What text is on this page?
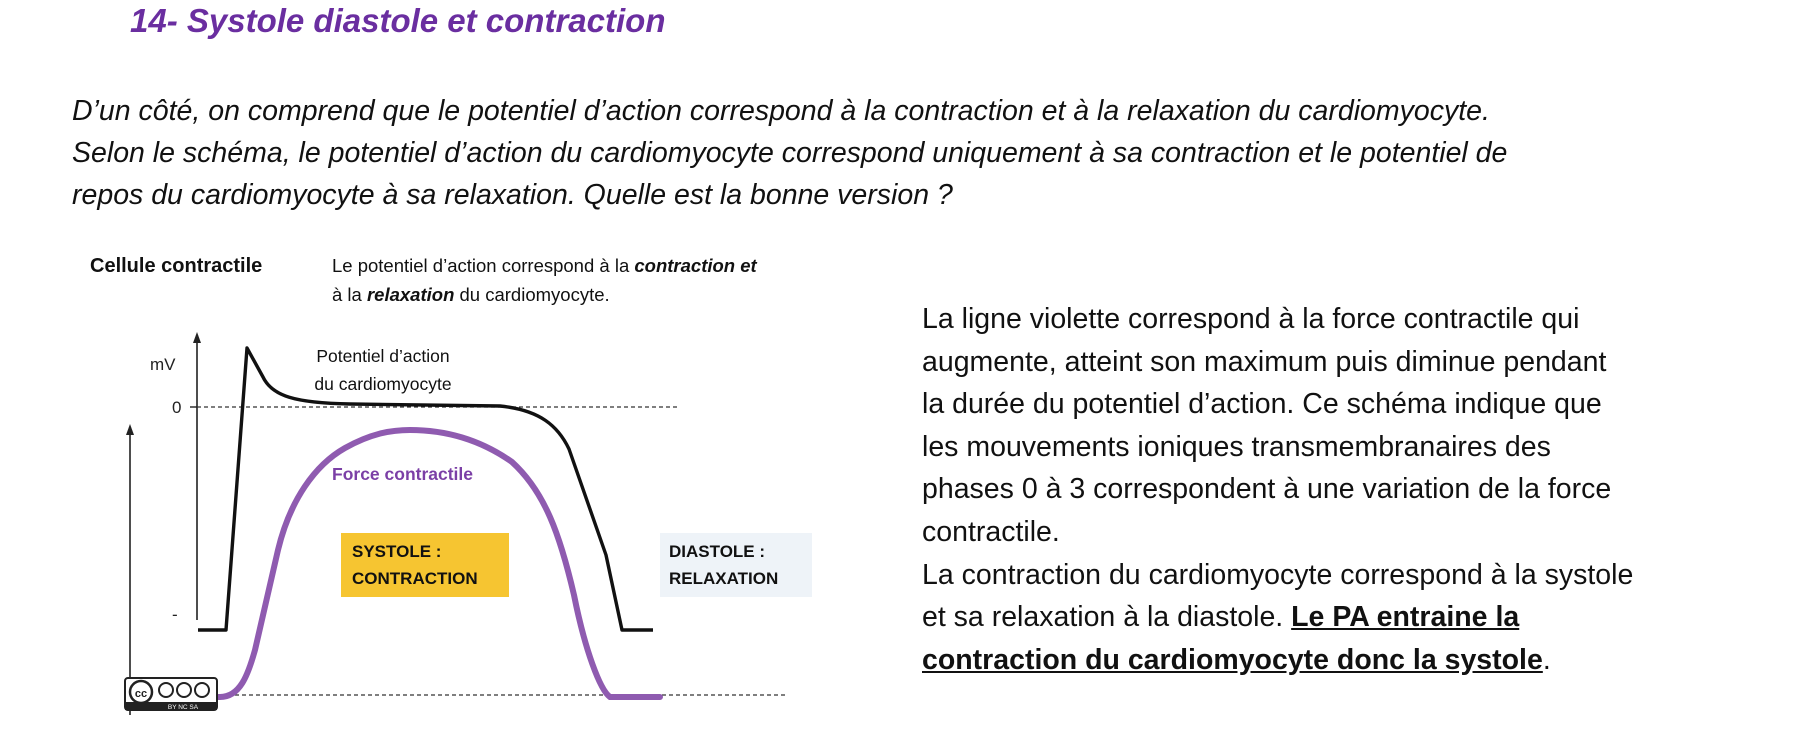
14- Systole diastole et contraction

D’un côté, on comprend que le potentiel d’action correspond à la contraction et à la relaxation du cardiomyocyte.

Selon le schéma, le potentiel d’action du cardiomyocyte correspond uniquement à sa contraction et le potentiel de

repos du cardiomyocyte à sa relaxation. Quelle est la bonne version ?

Cellule contractile	Le potentiel d’action correspond à la contraction et
à la relaxation du cardiomyocyte.
mV
0
-
Potentiel d’action
du cardiomyocyte
Force contractile
SYSTOLE :
CONTRACTION
DIASTOLE :
RELAXATION
cc
BY NC SA

La ligne violette correspond à la force contractile qui

augmente, atteint son maximum puis diminue pendant

la durée du potentiel d’action. Ce schéma indique que

les mouvements ioniques transmembranaires des

phases 0 à 3 correspondent à une variation de la force

contractile.

La contraction du cardiomyocyte correspond à la systole

et sa relaxation à la diastole. Le PA entraine la

contraction du cardiomyocyte donc la systole.
